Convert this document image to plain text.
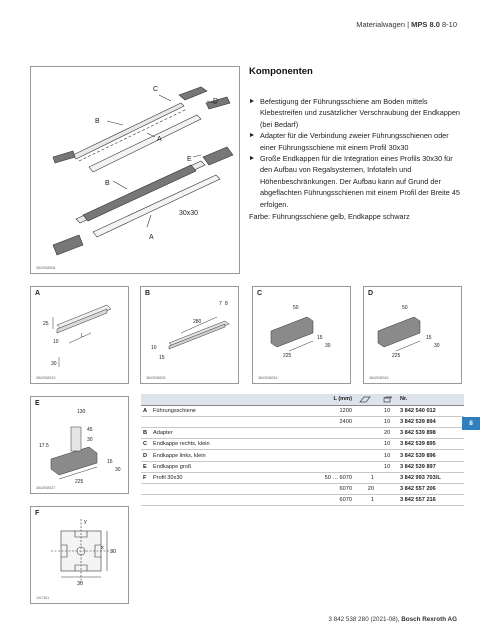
Materialwagen | MPS 8.0 8-10
C
D
B
A
E
B
30x30
A
3842538534
Komponenten
Befestigung der Führungsschiene am Boden mittels Klebestreifen und zusätzlicher Verschraubung der Endkappen (bei Bedarf)
Adapter für die Verbindung zweier Führungsschienen oder einer Führungsschiene mit einem Profil 30x30
Große Endkappen für die Integration eines Profils 30x30 für den Aufbau von Regalsystemen, Infotafeln und Höhenbeschränkungen. Der Aufbau kann auf Grund der abgeflachten Führungsschienen mit einem Profil der Breite 45 erfolgen.
Farbe: Führungsschiene gelb, Endkappe schwarz
A
25
10
L
30
3842538313
B
280
7 8
10
15
3842538533
C
50
225
15
30
3842538315
D
50
225
15
30
3842538316
E
130
45
30
17.5
225
15
30
3842538317
F
y
x
30
30
1917611
		L (mm)			Nr.
A	Führungsschiene	1200		10	3 842 540 012
		2400		10	3 842 539 894
B	Adapter			20	3 842 539 898
C	Endkappe rechts, klein			10	3 842 539 895
D	Endkappe links, klein			10	3 842 539 896
E	Endkappe groß			10	3 842 539 897
F	Profil 30x30	50 … 6070	1		3 842 993 703/L
		6070	20		3 842 557 206
		6070	1		3 842 557 216
8
3 842 538 280 (2021-08), Bosch Rexroth AG
